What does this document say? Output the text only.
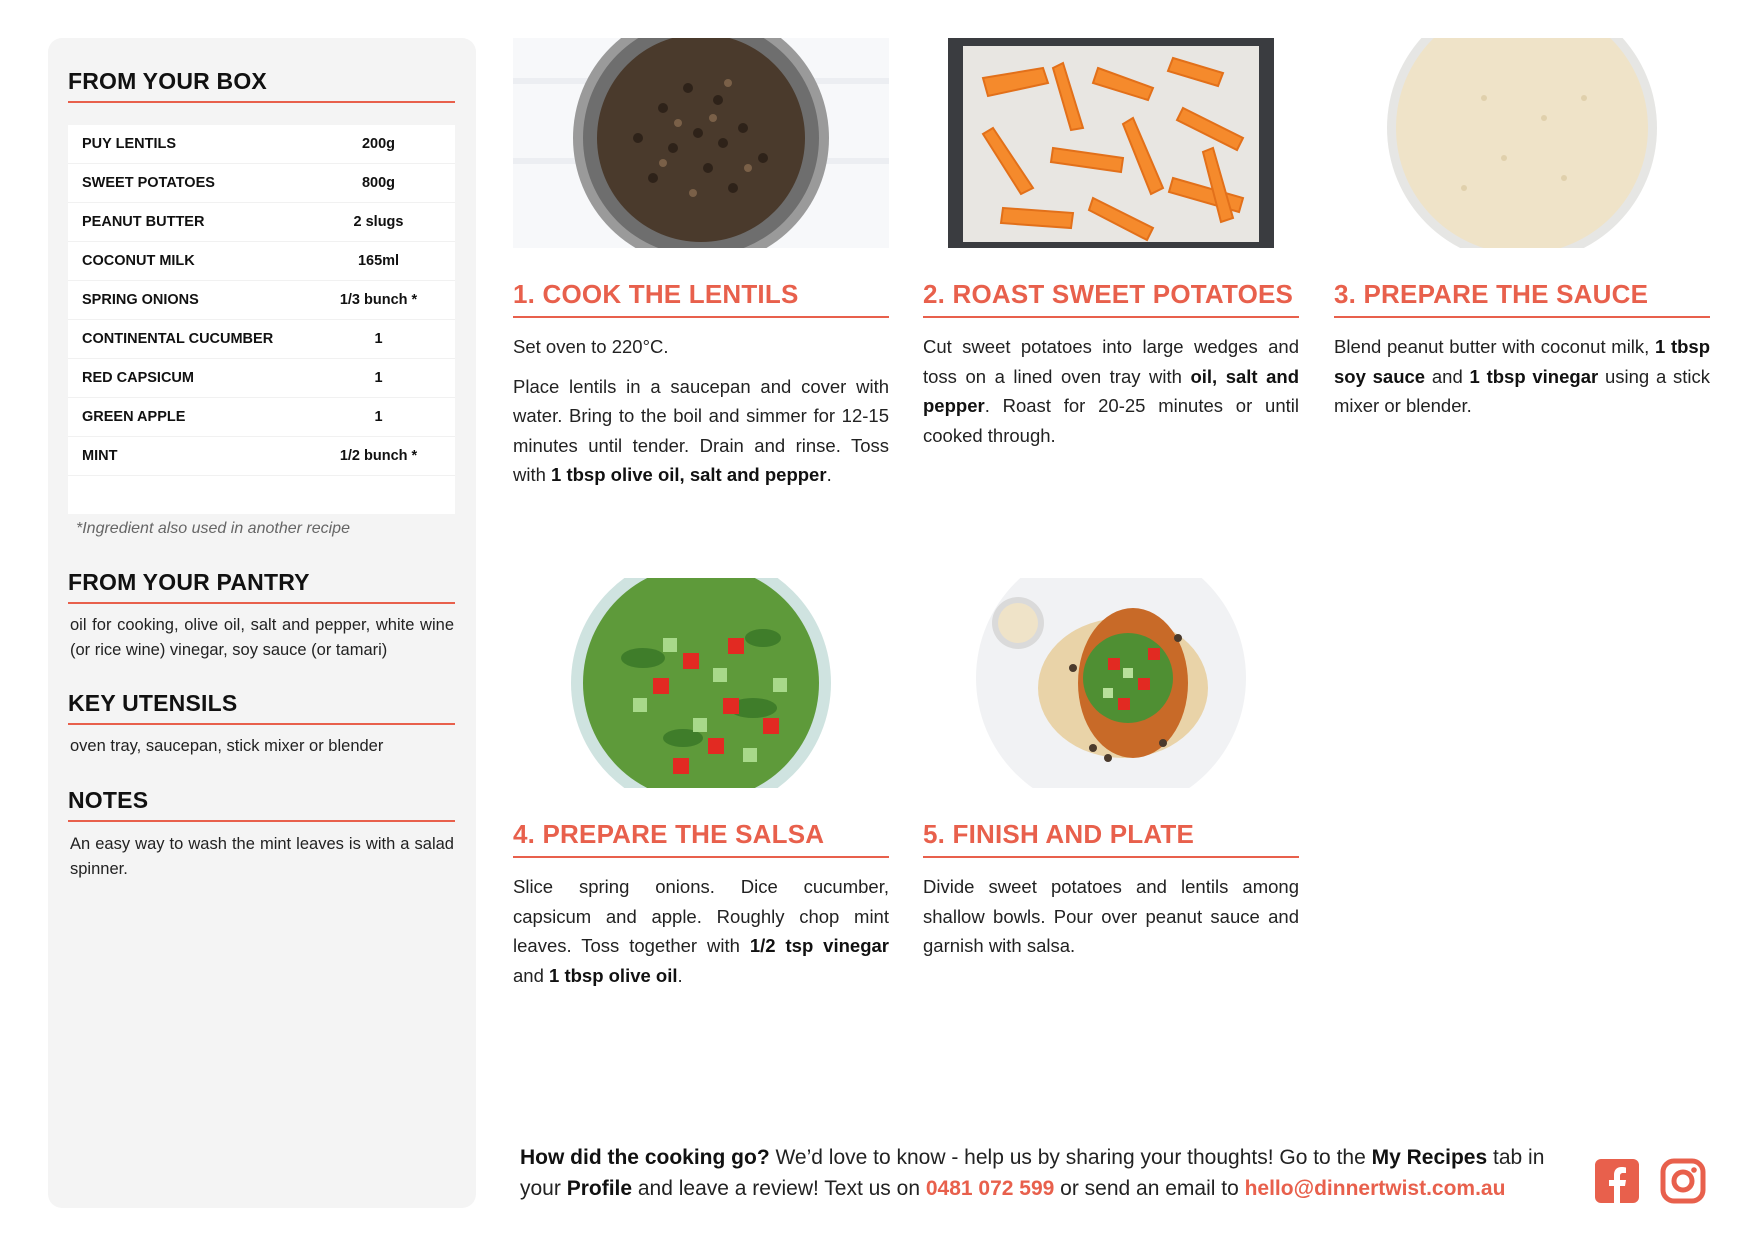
FROM YOUR BOX
PUY LENTILS	200g
SWEET POTATOES	800g
PEANUT BUTTER	2 slugs
COCONUT MILK	165ml
SPRING ONIONS	1/3 bunch *
CONTINENTAL CUCUMBER	1
RED CAPSICUM	1
GREEN APPLE	1
MINT	1/2 bunch *

*Ingredient also used in another recipe
FROM YOUR PANTRY

oil for cooking, olive oil, salt and pepper, white wine (or rice wine) vinegar, soy sauce (or tamari)

KEY UTENSILS

oven tray, saucepan, stick mixer or blender

NOTES

An easy way to wash the mint leaves is with a salad spinner.

1. COOK THE LENTILS

Set oven to 220°C.

Place lentils in a saucepan and cover with water. Bring to the boil and simmer for 12-15 minutes until tender. Drain and rinse. Toss with 1 tbsp olive oil, salt and pepper.

2. ROAST SWEET POTATOES

Cut sweet potatoes into large wedges and toss on a lined oven tray with oil, salt and pepper. Roast for 20-25 minutes or until cooked through.

3. PREPARE THE SAUCE

Blend peanut butter with coconut milk, 1 tbsp soy sauce and 1 tbsp vinegar using a stick mixer or blender.

4. PREPARE THE SALSA

Slice spring onions. Dice cucumber, capsicum and apple. Roughly chop mint leaves. Toss together with 1/2 tsp vinegar and 1 tbsp olive oil.

5. FINISH AND PLATE

Divide sweet potatoes and lentils among shallow bowls. Pour over peanut sauce and garnish with salsa.

How did the cooking go? We’d love to know - help us by sharing your thoughts! Go to the My Recipes tab in your Profile and leave a review! Text us on 0481 072 599 or send an email to hello@dinnertwist.com.au
